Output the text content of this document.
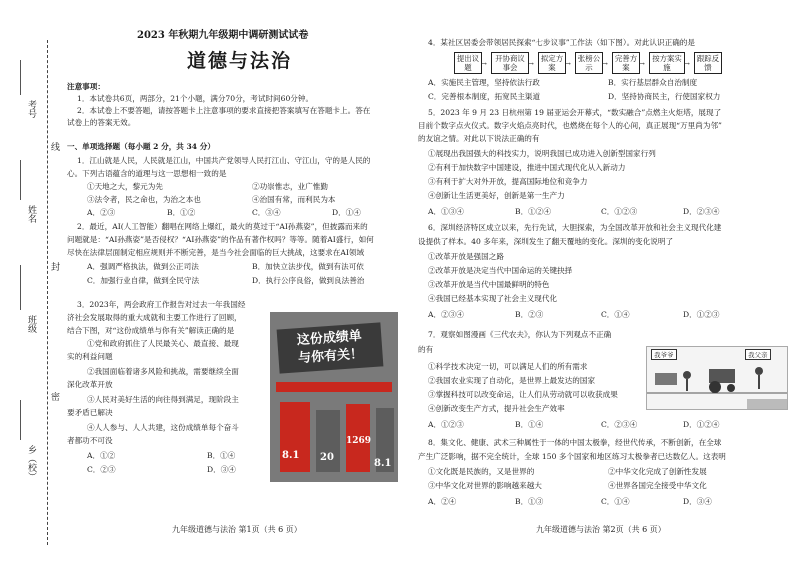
考号
姓名
班级
乡（校）
线
封
密
2023 年秋期九年级期中调研测试试卷
道德与法治
注意事项：
1．本试卷共6页，两部分，21个小题，满分70分，考试时间60分钟。
2．本试卷上不要答题，请按答题卡上注意事项的要求直接把答案填写在答题卡上。答在
试卷上的答案无效。
一、单项选择题（每小题 2 分，共 34 分）
1．江山就是人民，人民就是江山，中国共产党领导人民打江山、守江山，守的是人民的
心。下列古语蕴含的道理与这一思想相一致的是
①天地之大，黎元为先	②功崇惟志，业广惟勤
③法令者，民之命也，为治之本也	④治国有常，而利民为本
A．②③	B．①②	C．③④	D．①④
2．最近，AI(人工智能）翻唱在网络上爆红，最火的莫过于“AI孙燕姿”，但披露而来的
问题就是：“AI孙燕姿”是否侵权？“AI孙燕姿”的作品有著作权吗？等等。随着AI盛行，如何
尽快在法律层面制定相应规则并不断完善，是当今社会面临的巨大挑战，这要求在AI领域
A．强调严格执法，做到公正司法	B．加快立法步伐，做到有法可依
C．加强行业自律，做到全民守法	D．执行公序良俗，做到良法善治
3．2023年，两会政府工作报告对过去一年我国经
济社会发展取得的重大成就和主要工作进行了回顾，
结合下图，对“这份成绩单与你有关”解读正确的是
①党和政府抓住了人民最关心、最直接、最现
实的利益问题
②我国面临着诸多风险和挑战，需要继续全面
深化改革开放
③人民对美好生活的向往得到满足，现阶段主
要矛盾已解决
④人人参与、人人共建，这份成绩单每个奋斗
者都功不可没
A．①②	B．①④
C．②③	D．③④
九年级道德与法治 第1页（共 6 页）
这份成绩单
与你有关！
8.1 20
1269
8.1
4．某社区居委会带领居民探索“七步议事”工作法（如下图）。对此认识正确的是
提出议题	→
开协商议事会	→
拟定方案	→
张榜公示	→
完善方案	→
按方案实施	→
跟踪反馈
A．实施民主管理，坚持依法行政	B．实行基层群众自治制度
C．完善根本制度，拓宽民主渠道	D．坚持协商民主，行使国家权力
5．2023 年 9 月 23 日杭州第 19 届亚运会开幕式，“数实融合”点燃主火炬塔，展现了
目前个数字点火仪式。数字火焰点亮时代，也燃烧在每个人的心间，真正展现“万里尚为邻”
的友谊之情。对此以下说法正确的有
①展现出我国强大的科技实力，说明我国已成功进入创新型国家行列
②有利于加快数字中国建设，推进中国式现代化从入新动力
③有利于扩大对外开放，提高国际地位和竞争力
④创新让生活更美好，创新是第一生产力
A．①③④	B．①②④	C．①②③	D．②③④
6．深圳经济特区成立以来，先行先试，大胆探索，为全国改革开放和社会主义现代化建
设提供了样本。40 多年来，深圳发生了翻天覆地的变化。深圳的变化说明了
①改革开放是强国之路
②改革开放是决定当代中国命运的关键抉择
③改革开放是当代中国最鲜明的特色
④我国已经基本实现了社会主义现代化
A．②③④	B．②③	C．①④	D．①②③
7．观察如图漫画《三代农夫》，你认为下列观点不正确
的有
①科学技术决定一切，可以满足人们的所有需求
②我国农业实现了自动化，是世界上最发达的国家
③掌握科技可以改变命运，让人们从劳动就可以收获成果
④创新改变生产方式，提升社会生产效率
A．①②③	B．①④	C．②③④	D．①②④
8．集文化、健康、武术三种属性于一体的中国太极拳，经世代传承，不断创新，在全球
产生广泛影响，据不完全统计，全球 150 多个国家和地区练习太极拳者已达数亿人。这表明
①文化既是民族的，又是世界的	②中华文化完成了创新性发展
③中华文化对世界的影响越来越大	④世界各国完全接受中华文化
A．②④	B．①③	C．①④	D．③④
九年级道德与法治 第2页（共 6 页）
我爷爷	我父亲
